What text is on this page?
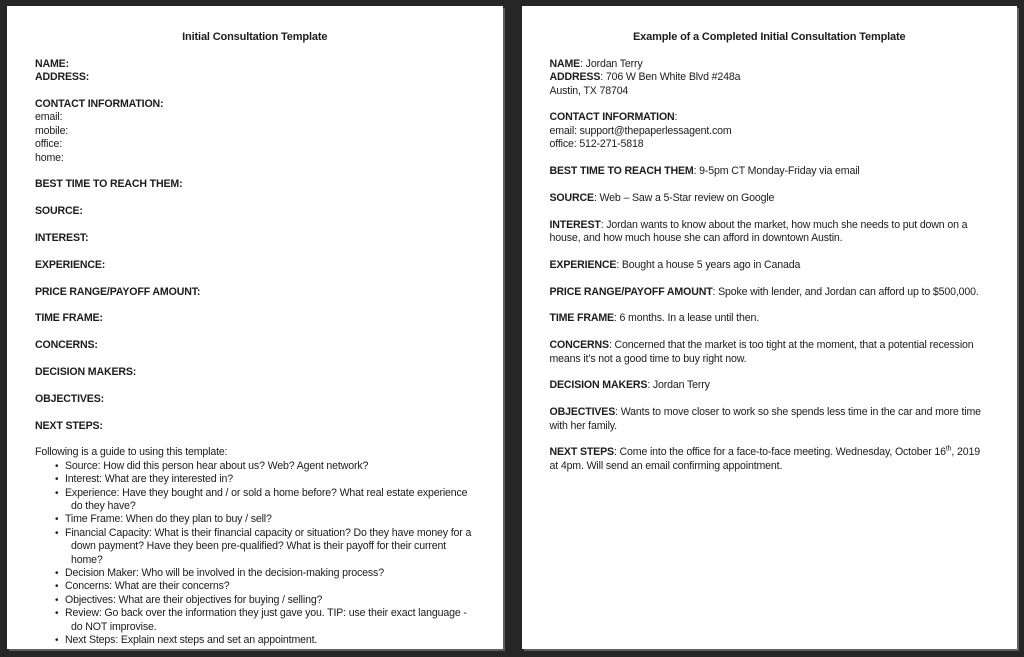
Initial Consultation Template
NAME:
ADDRESS:
CONTACT INFORMATION:
email:
mobile:
office:
home:
BEST TIME TO REACH THEM:
SOURCE:
INTEREST:
EXPERIENCE:
PRICE RANGE/PAYOFF AMOUNT:
TIME FRAME:
CONCERNS:
DECISION MAKERS:
OBJECTIVES:
NEXT STEPS:
Following is a guide to using this template:
• Source: How did this person hear about us? Web? Agent network?
• Interest: What are they interested in?
• Experience: Have they bought and / or sold a home before? What real estate experience do they have?
• Time Frame: When do they plan to buy / sell?
• Financial Capacity: What is their financial capacity or situation? Do they have money for a down payment? Have they been pre-qualified? What is their payoff for their current home?
• Decision Maker: Who will be involved in the decision-making process?
• Concerns: What are their concerns?
• Objectives: What are their objectives for buying / selling?
• Review: Go back over the information they just gave you. TIP: use their exact language - do NOT improvise.
• Next Steps: Explain next steps and set an appointment.
Example of a Completed Initial Consultation Template
NAME: Jordan Terry
ADDRESS: 706 W Ben White Blvd #248a
Austin, TX 78704
CONTACT INFORMATION:
email: support@thepaperlessagent.com
office: 512-271-5818

BEST TIME TO REACH THEM: 9-5pm CT Monday-Friday via email

SOURCE: Web – Saw a 5-Star review on Google

INTEREST: Jordan wants to know about the market, how much she needs to put down on a house, and how much house she can afford in downtown Austin.

EXPERIENCE: Bought a house 5 years ago in Canada

PRICE RANGE/PAYOFF AMOUNT: Spoke with lender, and Jordan can afford up to $500,000.

TIME FRAME: 6 months. In a lease until then.

CONCERNS: Concerned that the market is too tight at the moment, that a potential recession means it’s not a good time to buy right now.

DECISION MAKERS: Jordan Terry

OBJECTIVES: Wants to move closer to work so she spends less time in the car and more time with her family.

NEXT STEPS: Come into the office for a face-to-face meeting. Wednesday, October 16th, 2019 at 4pm. Will send an email confirming appointment.
